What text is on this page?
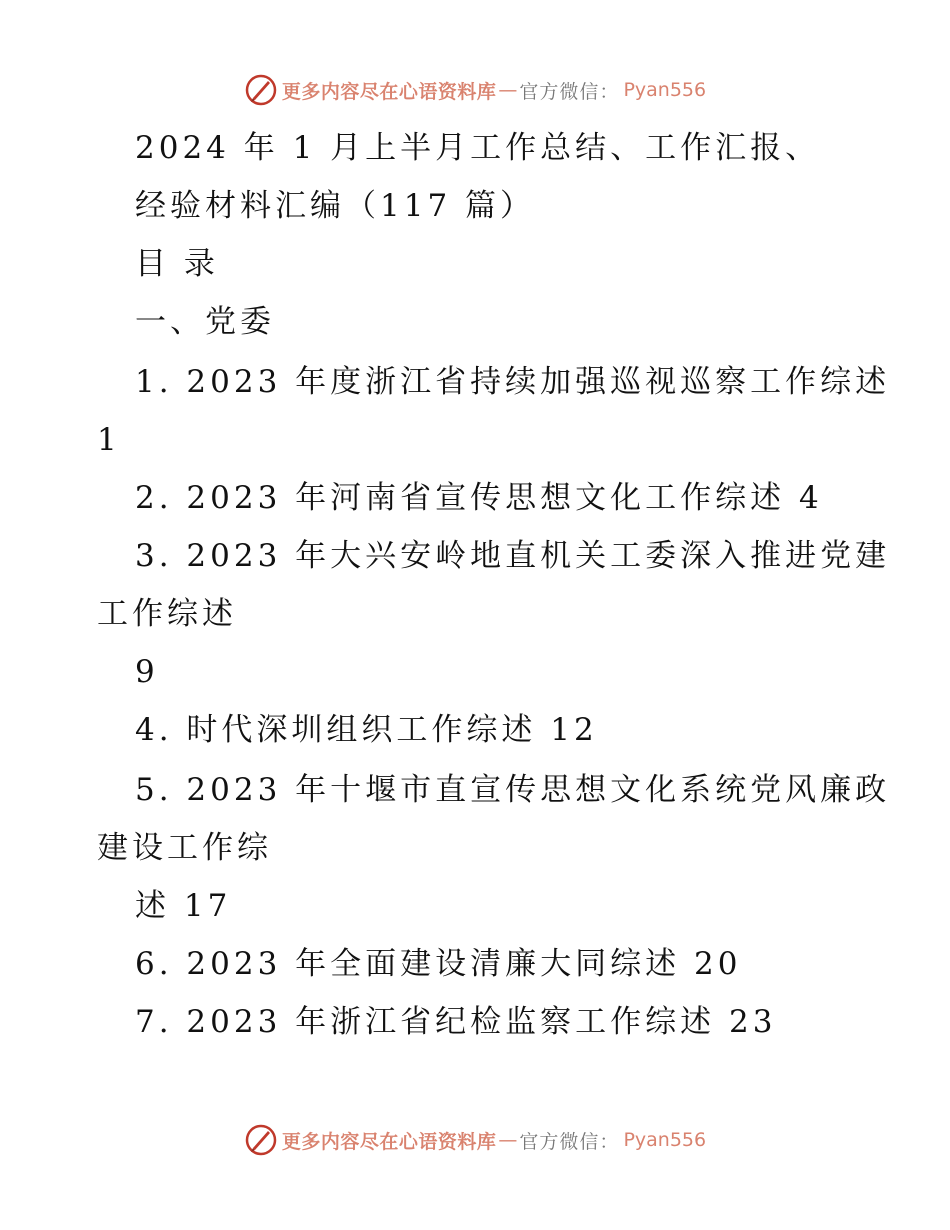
更多内容尽在心语资料库 — 官方微信： Pyan556
2024 年 1 月上半月工作总结、工作汇报、
经验材料汇编（117 篇）
目 录
一、党委
1. 2023 年度浙江省持续加强巡视巡察工作综述
1
2. 2023 年河南省宣传思想文化工作综述 4
3. 2023 年大兴安岭地直机关工委深入推进党建
工作综述
9
4. 时代深圳组织工作综述 12
5. 2023 年十堰市直宣传思想文化系统党风廉政
建设工作综
述 17
6. 2023 年全面建设清廉大同综述 20
7. 2023 年浙江省纪检监察工作综述 23
更多内容尽在心语资料库 — 官方微信： Pyan556
